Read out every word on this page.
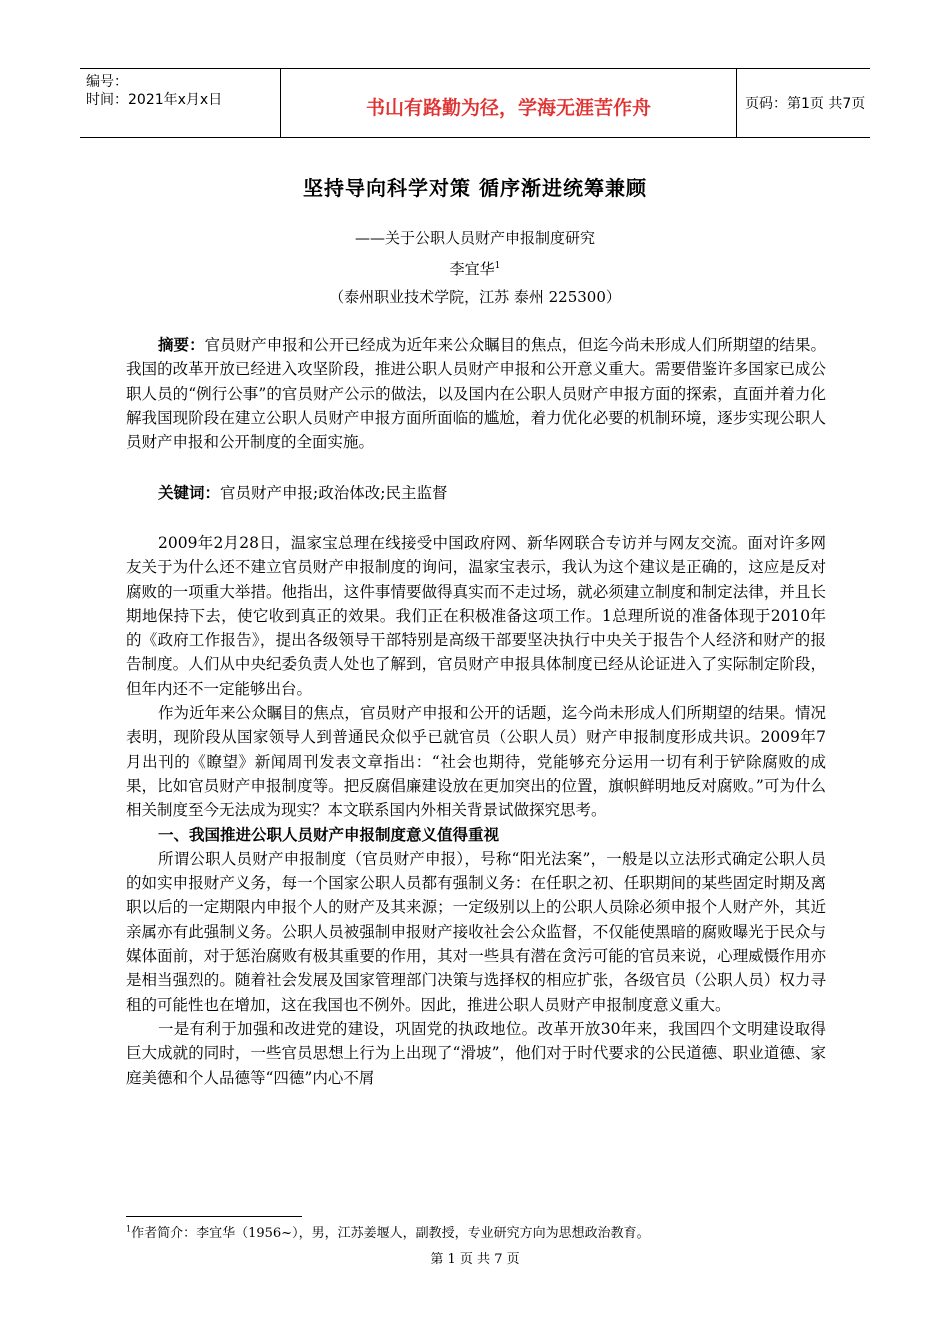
编号：
时间：2021年x月x日	书山有路勤为径，学海无涯苦作舟	页码：第1页 共7页
坚持导向科学对策 循序渐进统筹兼顾
——关于公职人员财产申报制度研究
李宜华$^1$
（泰州职业技术学院，江苏 泰州 225300）
摘要：官员财产申报和公开已经成为近年来公众瞩目的焦点，但迄今尚未形成人们所期望的结果。我国的改革开放已经进入攻坚阶段，推进公职人员财产申报和公开意义重大。需要借鉴许多国家已成公职人员的“例行公事”的官员财产公示的做法，以及国内在公职人员财产申报方面的探索，直面并着力化解我国现阶段在建立公职人员财产申报方面所面临的尴尬，着力优化必要的机制环境，逐步实现公职人员财产申报和公开制度的全面实施。
关键词：官员财产申报;政治体改;民主监督

2009年2月28日，温家宝总理在线接受中国政府网、新华网联合专访并与网友交流。面对许多网友关于为什么还不建立官员财产申报制度的询问，温家宝表示，我认为这个建议是正确的，这应是反对腐败的一项重大举措。他指出，这件事情要做得真实而不走过场，就必须建立制度和制定法律，并且长期地保持下去，使它收到真正的效果。我们正在积极准备这项工作。1总理所说的准备体现于2010年的《政府工作报告》，提出各级领导干部特别是高级干部要坚决执行中央关于报告个人经济和财产的报告制度。人们从中央纪委负责人处也了解到，官员财产申报具体制度已经从论证进入了实际制定阶段，但年内还不一定能够出台。

作为近年来公众瞩目的焦点，官员财产申报和公开的话题，迄今尚未形成人们所期望的结果。情况表明，现阶段从国家领导人到普通民众似乎已就官员（公职人员）财产申报制度形成共识。2009年7月出刊的《瞭望》新闻周刊发表文章指出：“社会也期待，党能够充分运用一切有利于铲除腐败的成果，比如官员财产申报制度等。把反腐倡廉建设放在更加突出的位置，旗帜鲜明地反对腐败。”可为什么相关制度至今无法成为现实？本文联系国内外相关背景试做探究思考。

一、我国推进公职人员财产申报制度意义值得重视

所谓公职人员财产申报制度（官员财产申报），号称“阳光法案”，一般是以立法形式确定公职人员的如实申报财产义务，每一个国家公职人员都有强制义务：在任职之初、任职期间的某些固定时期及离职以后的一定期限内申报个人的财产及其来源；一定级别以上的公职人员除必须申报个人财产外，其近亲属亦有此强制义务。公职人员被强制申报财产接收社会公众监督，不仅能使黑暗的腐败曝光于民众与媒体面前，对于惩治腐败有极其重要的作用，其对一些具有潜在贪污可能的官员来说，心理威慑作用亦是相当强烈的。随着社会发展及国家管理部门决策与选择权的相应扩张，各级官员（公职人员）权力寻租的可能性也在增加，这在我国也不例外。因此，推进公职人员财产申报制度意义重大。

一是有利于加强和改进党的建设，巩固党的执政地位。改革开放30年来，我国四个文明建设取得巨大成就的同时，一些官员思想上行为上出现了“滑坡”，他们对于时代要求的公民道德、职业道德、家庭美德和个人品德等“四德”内心不屑

$^1$作者简介：李宜华（1956~），男，江苏姜堰人，副教授，专业研究方向为思想政治教育。
第 1 页 共 7 页
